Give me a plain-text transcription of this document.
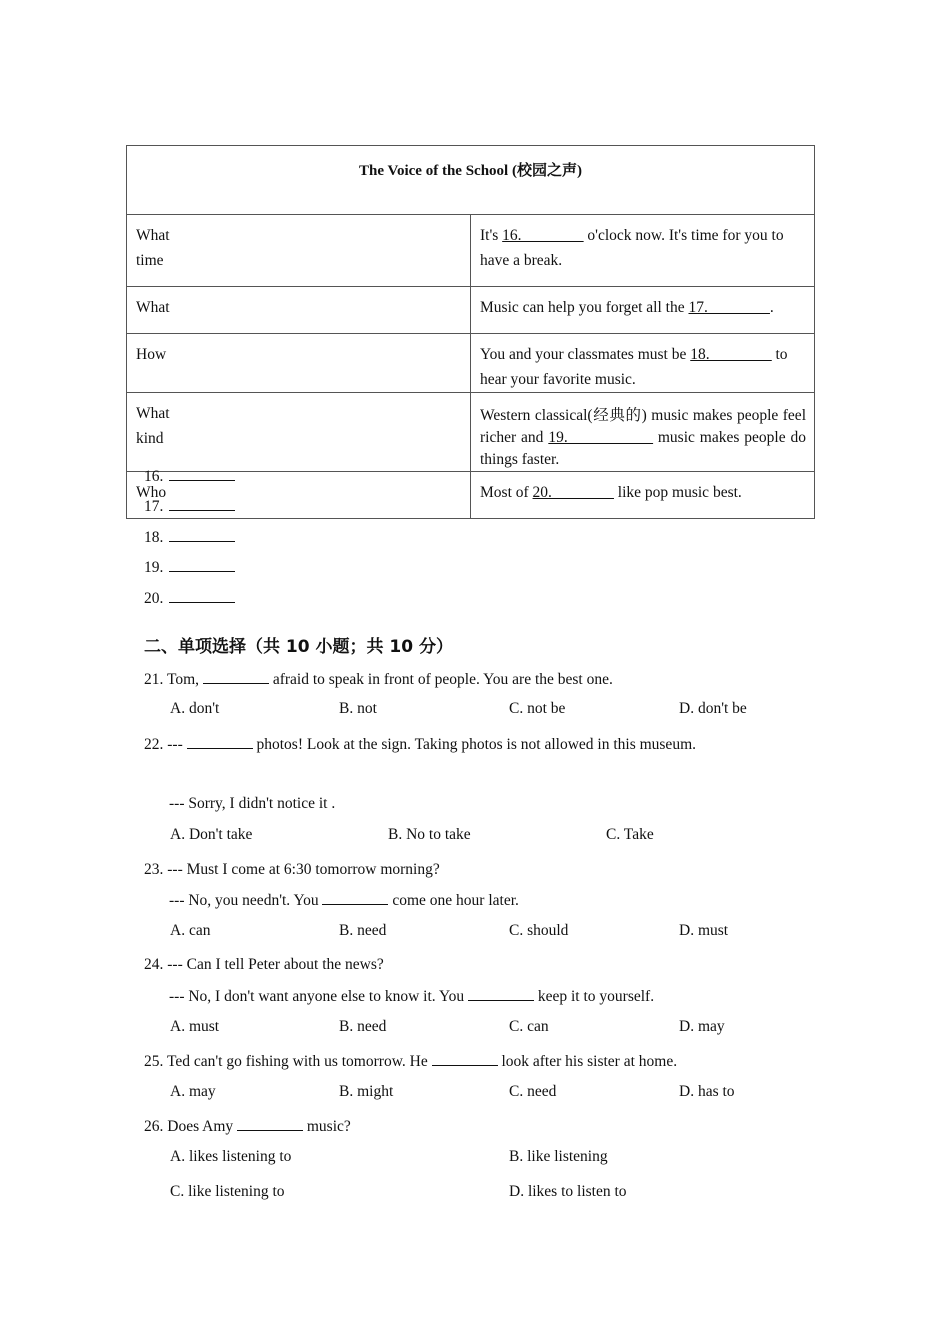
The Voice of the School (校园之声)	

What
time	It's 16.________ o'clock now. It's time for you to have a break.
What	Music can help you forget all the 17.________.
How	You and your classmates must be 18.________ to hear your favorite music.
What
kind	Western classical(经典的) music makes people feel richer and 19.___________ music makes people do things faster.
Who	Most of 20.________ like pop music best.
16.
17.
18.
19.
20.
二、单项选择（共 10 小题；共 10 分）
21. Tom,	afraid to speak in front of people. You are the best one.
A. don't	B. not	C. not be	D. don't be
22. ---	photos! Look at the sign. Taking photos is not allowed in this museum.
--- Sorry, I didn't notice it .
A. Don't take	B. No to take	C. Take
23. --- Must I come at 6:30 tomorrow morning?
--- No, you needn't. You	come one hour later.
A. can	B. need	C. should	D. must
24. --- Can I tell Peter about the news?
--- No, I don't want anyone else to know it. You	keep it to yourself.
A. must	B. need	C. can	D. may
25. Ted can't go fishing with us tomorrow. He	look after his sister at home.
A. may	B. might	C. need	D. has to
26. Does Amy	music?
A. likes listening to	B. like listening
C. like listening to	D. likes to listen to
